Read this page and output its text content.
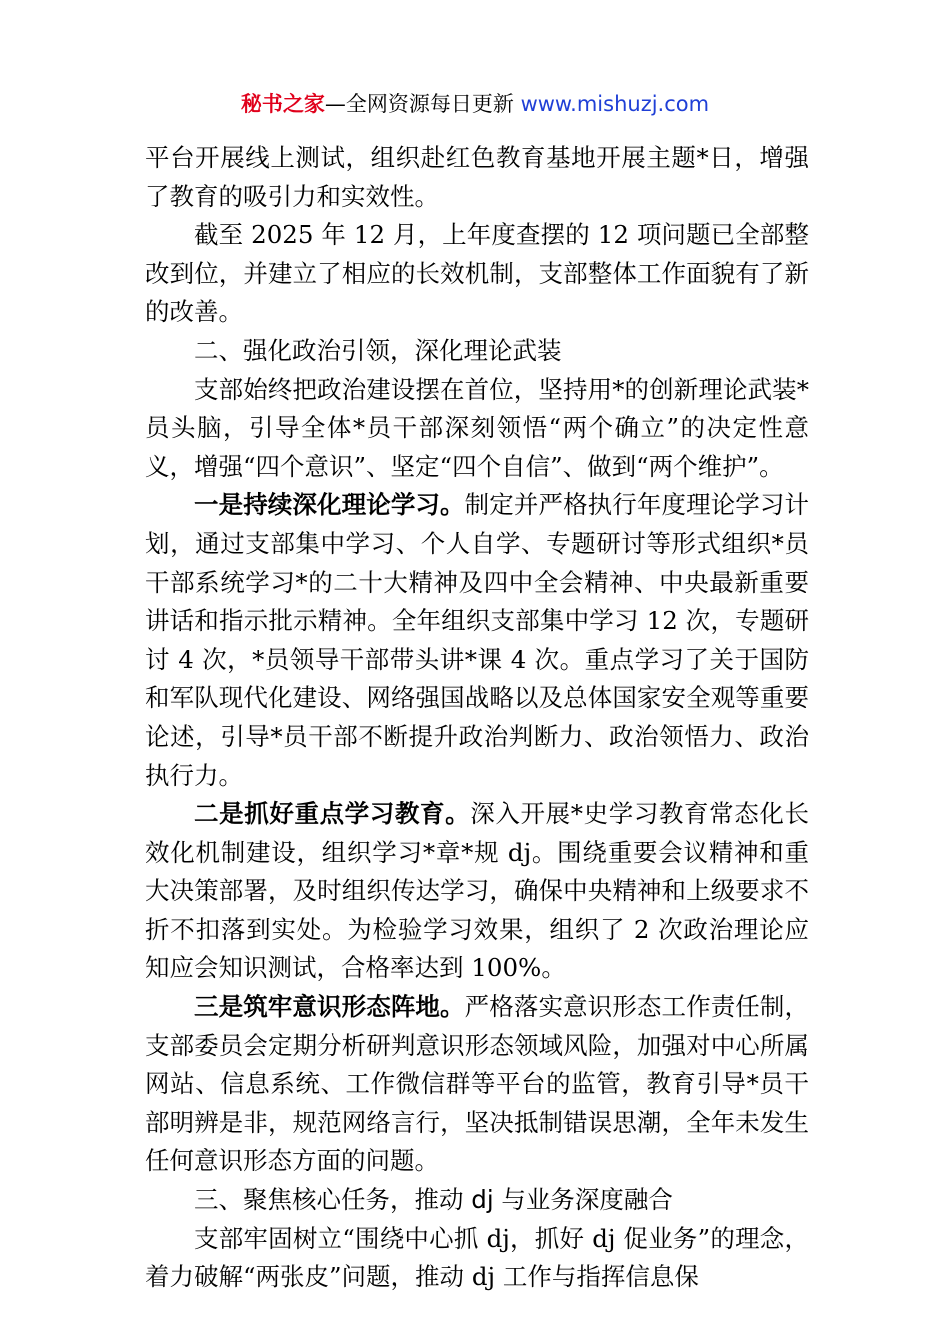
秘书之家—全网资源每日更新 www.mishuzj.com

平台开展线上测试，组织赴红色教育基地开展主题*日，增强了教育的吸引力和实效性。

截至 2025 年 12 月，上年度查摆的 12 项问题已全部整改到位，并建立了相应的长效机制，支部整体工作面貌有了新的改善。

二、强化政治引领，深化理论武装

支部始终把政治建设摆在首位，坚持用*的创新理论武装*员头脑，引导全体*员干部深刻领悟“两个确立”的决定性意义，增强“四个意识”、坚定“四个自信”、做到“两个维护”。

一是持续深化理论学习。制定并严格执行年度理论学习计划，通过支部集中学习、个人自学、专题研讨等形式组织*员干部系统学习*的二十大精神及四中全会精神、中央最新重要讲话和指示批示精神。全年组织支部集中学习 12 次，专题研讨 4 次，*员领导干部带头讲*课 4 次。重点学习了关于国防和军队现代化建设、网络强国战略以及总体国家安全观等重要论述，引导*员干部不断提升政治判断力、政治领悟力、政治执行力。

二是抓好重点学习教育。深入开展*史学习教育常态化长效化机制建设，组织学习*章*规 dj。围绕重要会议精神和重大决策部署，及时组织传达学习，确保中央精神和上级要求不折不扣落到实处。为检验学习效果，组织了 2 次政治理论应知应会知识测试，合格率达到 100%。

三是筑牢意识形态阵地。严格落实意识形态工作责任制，支部委员会定期分析研判意识形态领域风险，加强对中心所属网站、信息系统、工作微信群等平台的监管，教育引导*员干部明辨是非，规范网络言行，坚决抵制错误思潮，全年未发生任何意识形态方面的问题。

三、聚焦核心任务，推动 dj 与业务深度融合

支部牢固树立“围绕中心抓 dj，抓好 dj 促业务”的理念，着力破解“两张皮”问题，推动 dj 工作与指挥信息保
